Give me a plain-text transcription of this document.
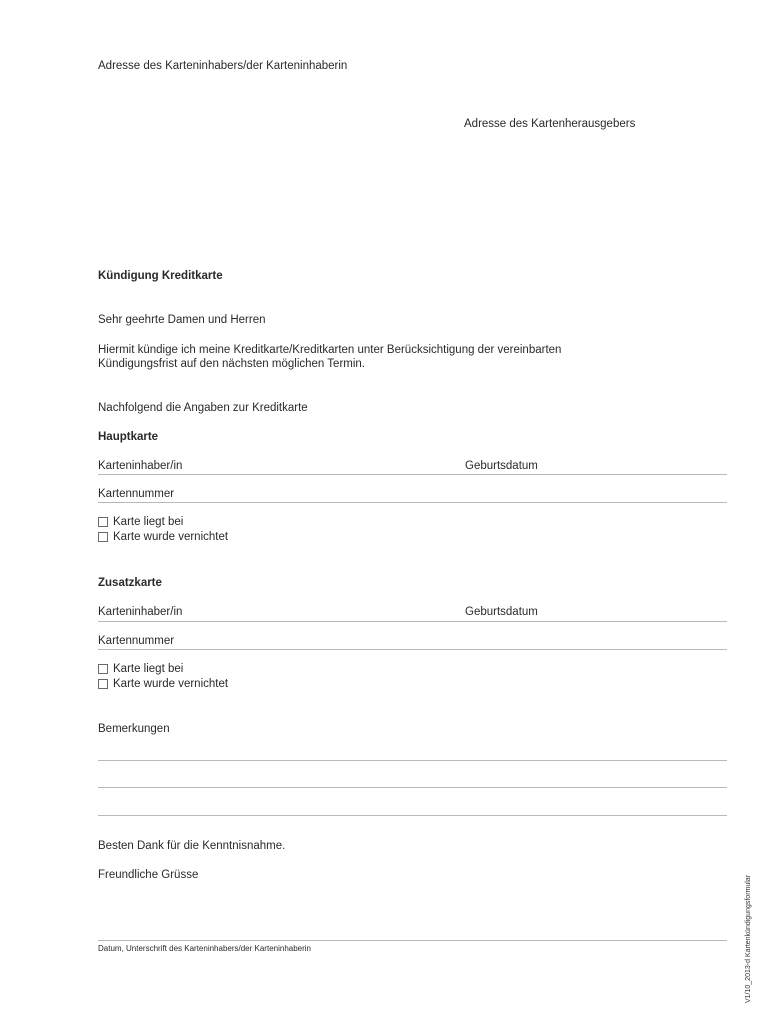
Adresse des Karteninhabers/der Karteninhaberin
Adresse des Kartenherausgebers
Kündigung Kreditkarte
Sehr geehrte Damen und Herren
Hiermit kündige ich meine Kreditkarte/Kreditkarten unter Berücksichtigung der vereinbarten
Kündigungsfrist auf den nächsten möglichen Termin.
Nachfolgend die Angaben zur Kreditkarte
Hauptkarte
Karteninhaber/in	Geburtsdatum
Kartennummer
Karte liegt bei
Karte wurde vernichtet
Zusatzkarte
Karteninhaber/in	Geburtsdatum
Kartennummer
Karte liegt bei
Karte wurde vernichtet
Bemerkungen
Besten Dank für die Kenntnisnahme.
Freundliche Grüsse
Datum, Unterschrift des Karteninhabers/der Karteninhaberin	V1/10_2013-d Kartenkündigungsformular
